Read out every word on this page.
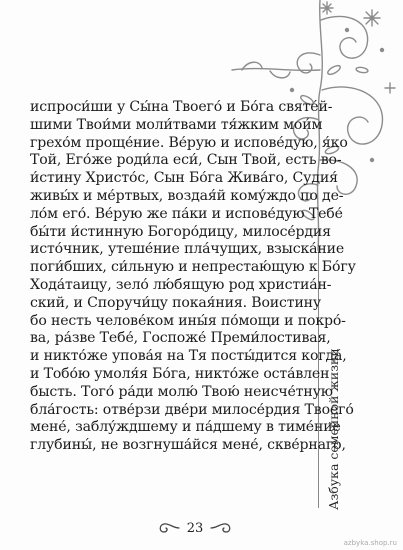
испроси́ши у Сы́на Твоего́ и Бо́га святе́й-
шими Твои́ми моли́твами тя́жким мои́м
грехо́м проще́ние. Ве́рую и испове́дую, я́ко
Той, Его́же роди́ла еси́, Сын Твой, есть во-
и́стину Христо́с, Сын Бо́га Жива́го, Судия́
живы́х и ме́ртвых, воздая́й кому́ждо по де-
ло́м его́. Ве́рую же па́ки и испове́дую Тебе́
бы́ти и́стинную Богоро́дицу, милосе́рдия
исто́чник, утеше́ние пла́чущих, взыска́ние
поги́бших, си́льную и непрестаю́щую к Бо́гу
Хода́таицу, зело́ лю́бящую род христиа́н-
ский, и Споручи́цу покая́ния. Воистину
бо несть челове́ком ины́я по́мощи и покро́-
ва, ра́зве Тебе́, Госпоже́ Преми́лостивая,
и никто́же упова́я на Тя посты́дится когда́,
и Тобо́ю умоля́я Бо́га, никто́же оста́влен
бысть. Того́ ра́ди молю́ Твою́ неисче́тную
бла́гость: отве́рзи две́ри милосе́рдия Твоего́
мене́, заблу́ждшему и па́дшему в тиме́ние
глубины́, не возгнуша́йся мене́, скве́рнаго,
Азбука семейной жизни
23
azbyka.shop.ru
